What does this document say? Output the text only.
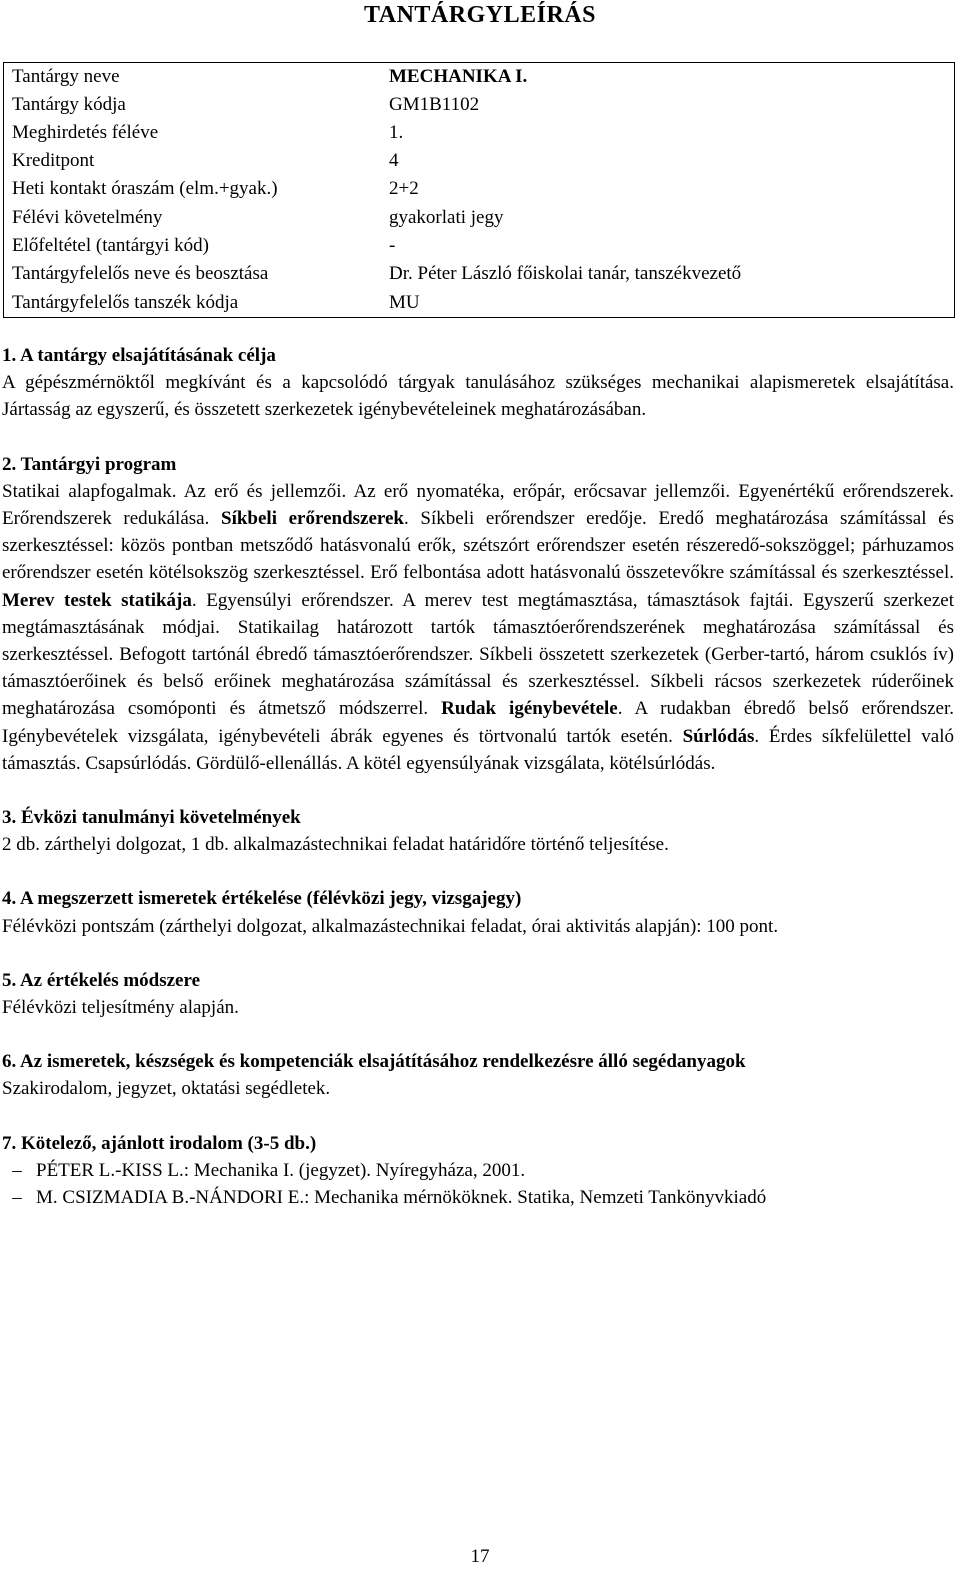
TANTÁRGYLEÍRÁS
Tantárgy neve	MECHANIKA I.
Tantárgy kódja	GM1B1102
Meghirdetés féléve	1.
Kreditpont	4
Heti kontakt óraszám (elm.+gyak.)	2+2
Félévi követelmény	gyakorlati jegy
Előfeltétel (tantárgyi kód)	-
Tantárgyfelelős neve és beosztása	Dr. Péter László főiskolai tanár, tanszékvezető
Tantárgyfelelős tanszék kódja	MU

1. A tantárgy elsajátításának célja

A gépészmérnöktől megkívánt és a kapcsolódó tárgyak tanulásához szükséges mechanikai alapismeretek elsajátítása. Jártasság az egyszerű, és összetett szerkezetek igénybevételeinek meghatározásában.

2. Tantárgyi program

Statikai alapfogalmak. Az erő és jellemzői. Az erő nyomatéka, erőpár, erőcsavar jellemzői. Egyenértékű erőrendszerek. Erőrendszerek redukálása. Síkbeli erőrendszerek. Síkbeli erőrendszer eredője. Eredő meghatározása számítással és szerkesztéssel: közös pontban metsződő hatásvonalú erők, szétszórt erőrendszer esetén részeredő-sokszöggel; párhuzamos erőrendszer esetén kötélsokszög szerkesztéssel. Erő felbontása adott hatásvonalú összetevőkre számítással és szerkesztéssel. Merev testek statikája. Egyensúlyi erőrendszer. A merev test megtámasztása, támasztások fajtái. Egyszerű szerkezet megtámasztásának módjai. Statikailag határozott tartók támasztóerőrendszerének meghatározása számítással és szerkesztéssel. Befogott tartónál ébredő támasztóerőrendszer. Síkbeli összetett szerkezetek (Gerber-tartó, három csuklós ív) támasztóerőinek és belső erőinek meghatározása számítással és szerkesztéssel. Síkbeli rácsos szerkezetek rúderőinek meghatározása csomóponti és átmetsző módszerrel. Rudak igénybevétele. A rudakban ébredő belső erőrendszer. Igénybevételek vizsgálata, igénybevételi ábrák egyenes és törtvonalú tartók esetén. Súrlódás. Érdes síkfelülettel való támasztás. Csapsúrlódás. Gördülő-ellenállás. A kötél egyensúlyának vizsgálata, kötélsúrlódás.

3. Évközi tanulmányi követelmények

2 db. zárthelyi dolgozat, 1 db. alkalmazástechnikai feladat határidőre történő teljesítése.

4. A megszerzett ismeretek értékelése (félévközi jegy, vizsgajegy)

Félévközi pontszám (zárthelyi dolgozat, alkalmazástechnikai feladat, órai aktivitás alapján): 100 pont.

5. Az értékelés módszere

Félévközi teljesítmény alapján.

6. Az ismeretek, készségek és kompetenciák elsajátításához rendelkezésre álló segédanyagok

Szakirodalom, jegyzet, oktatási segédletek.

7. Kötelező, ajánlott irodalom (3-5 db.)

– PÉTER L.-KISS L.: Mechanika I. (jegyzet). Nyíregyháza, 2001.
– M. CSIZMADIA B.-NÁNDORI E.: Mechanika mérnököknek. Statika, Nemzeti Tankönyvkiadó
17
